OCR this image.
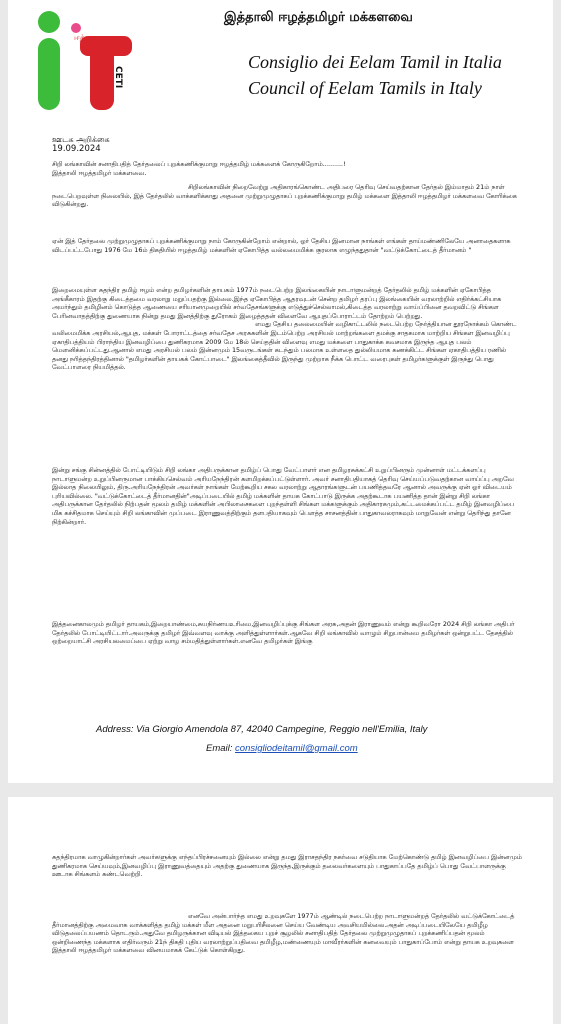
ஈத்தம
CETI
இத்தாலி ஈழத்தமிழர் மக்களவை
Consiglio dei Eelam Tamil in Italia
Council of Eelam Tamils in Italy
ஊடக அறிக்கை
19.09.2024
சிறி லங்காவின் சனாதிபதித் தேர்தலைப் புறக்கணிக்குமாறு ஈழத்தமிழ் மக்களைக் கோருகிறோம்..........!
இத்தாலி ஈழத்தமிழர் மக்களவை.
சிறிலங்காவின் நிறைவேற்று அதிகாரங்கொண்ட அதிபரை தெரிவு செய்வதற்கான தேர்தல் இம்மாதம் 21ம் நாள் நடைபெறவுள்ள நிலையில், இத் தேர்தலில் வாக்களிக்காது அதனை முற்றுமுழுதாகப் புறக்கணிக்குமாறு தமிழ் மக்களை இத்தாலி ஈழத்தமிழர் மக்களவை கோரிக்கை விடுகின்றது.
ஏன் இத் தேர்தலை முற்றுமுழுதாகப் புறக்கணிக்குமாறு நாம் கோருகின்றோம் என்றால், ஓர் தேசிய இனமான நாங்கள் எங்கள் தாய்மண்ணிலேயே அனாதைகளாக விடப்பட்டபோது 1976 மே 16ம் திகதியில் ஈழத்தமிழ் மக்களின் ஏகோபித்த வல்லமைமிக்க குரலாக எழுந்ததுதான் "வட்டுக்கோட்டைத் தீர்மானம் "
இறைமையுள்ள சுதந்திர தமிழ் ஈழம் என்ற தமிழர்களின் தாயகம் 1977ம் நடைபெற்ற இலங்கையின் நாடாளுமன்றத் தேர்தலில் தமிழ் மக்களின் ஏகோபித்த அங்கீகாரம் இதற்கு கிடைத்தமை வரலாறு மறுப்பதற்கு இல்லை.இந்த ஏகோபித்த ஆதரவுடன் சென்ற தமிழர் தரப்பு இலங்கையின் வரலாற்றில் எதிர்க்கட்சியாக அமர்ந்தும் தமிழினம் கொடுத்த ஆணையை சரியானமுறையில் சர்வதேசங்களுக்கு எடுத்துச்செல்லாமல்,கிடைத்த வரலாற்று வாய்ப்பினை தவறவிட்டு சிங்கள பேரினவாதத்திற்கு துணையாக நின்று தமது இனத்திற்கு துரோகம் இழைத்ததன் விளைவே ஆயுதப்போராட்டம் தோற்றம் பெற்றது.
எமது தேசிய தலைமையின் வழிகாட்டலில் நடைபெற்ற நேர்த்தியான தூரநோக்கம் கொண்ட வலிமைமிக்க அரசியல்,ஆயுத, மக்கள் போராட்டத்தை சர்வதேச அரசுகளின் இடம்பெற்ற அரசியல் மாற்றங்களை தமக்கு சாதகமாக மாற்றிய சிங்கள இனவழிப்பு ஏகாதிபத்தியம் பிராந்திய இனவழிப்பை துணிகரமாக 2009 மே 18ல் செய்ததின் விளைவு எமது மக்களை பாதுகாக்க கவசமாக இருந்த ஆயுத பலம் மௌனிக்கப்பட்டது.ஆனால் எமது அரசியல் பலம் இன்னமும் 15வருடங்கள் கடந்தும் பலமாக உள்ளதை துல்லியமாக கணக்கிட்ட சிங்கள ஏகாதிபத்திய ரணில் தனது நரித்தந்திரத்தினால் "தமிழர்களின் தாயகக் கோட்பாடை" இலங்கைத்தீவில் இருந்து முற்றாக நீக்க பொட்ட வரைபுகள் தமிழர்களுக்குள் இருந்து பொது வேட்பாளரை நியமித்தல்.
இன்று சங்கு சின்னத்தில் போட்டியிடும் சிறி லங்கா அதிபருக்கான தமிழ்ப் பொது வேட்பாளர் என தமிழரசுக்கட்சி உறுப்பினரும் முன்னாள் மட்டக்களப்பு நாடாளுமன்ற உறுப்பினருமான பாக்கியசெல்வம் அரியநேந்திரன் களமிறக்கப்பட்டுள்ளார். அவர் சனாதிபதியாகத் தெரிவு செய்யப்படுவதற்கான வாய்ப்பு அறவே இல்லாத நிலையிலும், திரு.அரியநேந்திரன் அவர்கள் நாங்கள் மேற்கூறிய சகல வரலாற்று ஆதாரங்களுடன் பயணித்தவரே ஆனால் அவருக்கு ஏன் ஓர் விடையம் புரியவில்லை. "வட்டுக்கோட்டைத் தீர்மானதின்"அடிப்படையில் தமிழ் மக்களின் தாயக கோட்பாடு இருக்க அதற்கூடாக பயணித்த தான் இன்று சிறி லங்கா அதிபருக்கான தேர்தலில் நிற்பதன் மூலம் தமிழ் மக்களின் அபிலாசைகளை புறந்தள்ளி சிங்கள மக்களுக்கும் அதிகாரகமும்,கட்டமைக்கப்பட்ட தமிழ் இனவழிப்பை மிக கச்சிதமாக செய்யும் சிறி லங்காவின் முப்படை இராணுவத்திற்கும் தளபதியாகவும் பௌத்த சாசனத்தின் பாதுகாவலராகவும் மாறுவேன் என்று தெரிந்து தானே நிற்கின்றார்.
இத்தனைகாலமும் தமிழர் தாயகம்,இறையாண்மை,சுயநிர்ணயஉரிமை,இனவழிப்புக்கு சிங்கள அரசு,அதன் இராணுவம் என்று கூறிவரோ 2024 சிறி லங்கா அதிபர் தேர்தலில் போட்டியிட்டார்.அவருக்கு தமிழர் இவ்வளவு வாக்கு அளித்துள்ளார்கள்.ஆகவே சிறி லங்காவில் வாழும் சிறுபான்மை தமிழர்கள் ஒன்றுபட்ட தேசத்தில் ஒற்றையாட்சி அரசியலமைப்பை ஏற்று வாழ சம்மதித்துள்ளார்கள்.எனவே தமிழர்கள் இங்கு
Address: Via Giorgio Amendola 87, 42040 Campegine, Reggio nell'Emilia, Italy
Email: consigliodeitamil@gmail.com
சுதந்திரமாக வாழுகின்றார்கள் அவர்களுக்கு எந்தப்பிரச்சனையும் இல்லை என்று தமது இராசதந்திர நகர்வை சடுதியாக மேற்கொண்டு தமிழ் இனவழிப்பை இன்னமும் துணிகரமாக செய்யவும்,இனவழிப்பு இராணுவத்தையும் அதற்கு துணையாக இருந்த,இருக்கும் தலைவர்களையும் பாதுகாப்பதே தமிழ்ப் பொது வேட்பாளருக்கு ஊடாக சிங்களம் கண்டவெற்றி.
எனவே அன்பார்ந்த எமது உறவுகளே 1977ம் ஆண்டில் நடைபெற்ற நாடாளுமன்றத் தேர்தலில் வட்டுக்கோட்டைத் தீர்மானத்திற்கு அமைவாக வாக்களித்த தமிழ் மக்கள் மீள அதனை மறுபரிசீலனை செய்ய வேண்டிய அவசியமில்லை.அதன் அடிப்படையிலேயே தமிழீழ விடுதலைப்பயணம் தொடரும்.அதுவே தமிழருக்கான விடியல் இத்தகைய புறச் சூழலில் சனாதிபதித் தேர்தலை முற்றுமுழுதாகப் புறக்கணிப்பதன் மூலம் ஒன்றிணைந்த மக்களாக எதிர்வரும் 21ந் திகதி புதிய வரலாற்றுப்பதிவை தமிழீழ,மண்ணையும் மாவீரர்களின் கனவையும் பாதுகாப்போம் என்று தாயக உறவுகளை இத்தாலி ஈழத்தமிழர் மக்களவை வினயமாகக் கேட்டுக் கொள்கிறது.
